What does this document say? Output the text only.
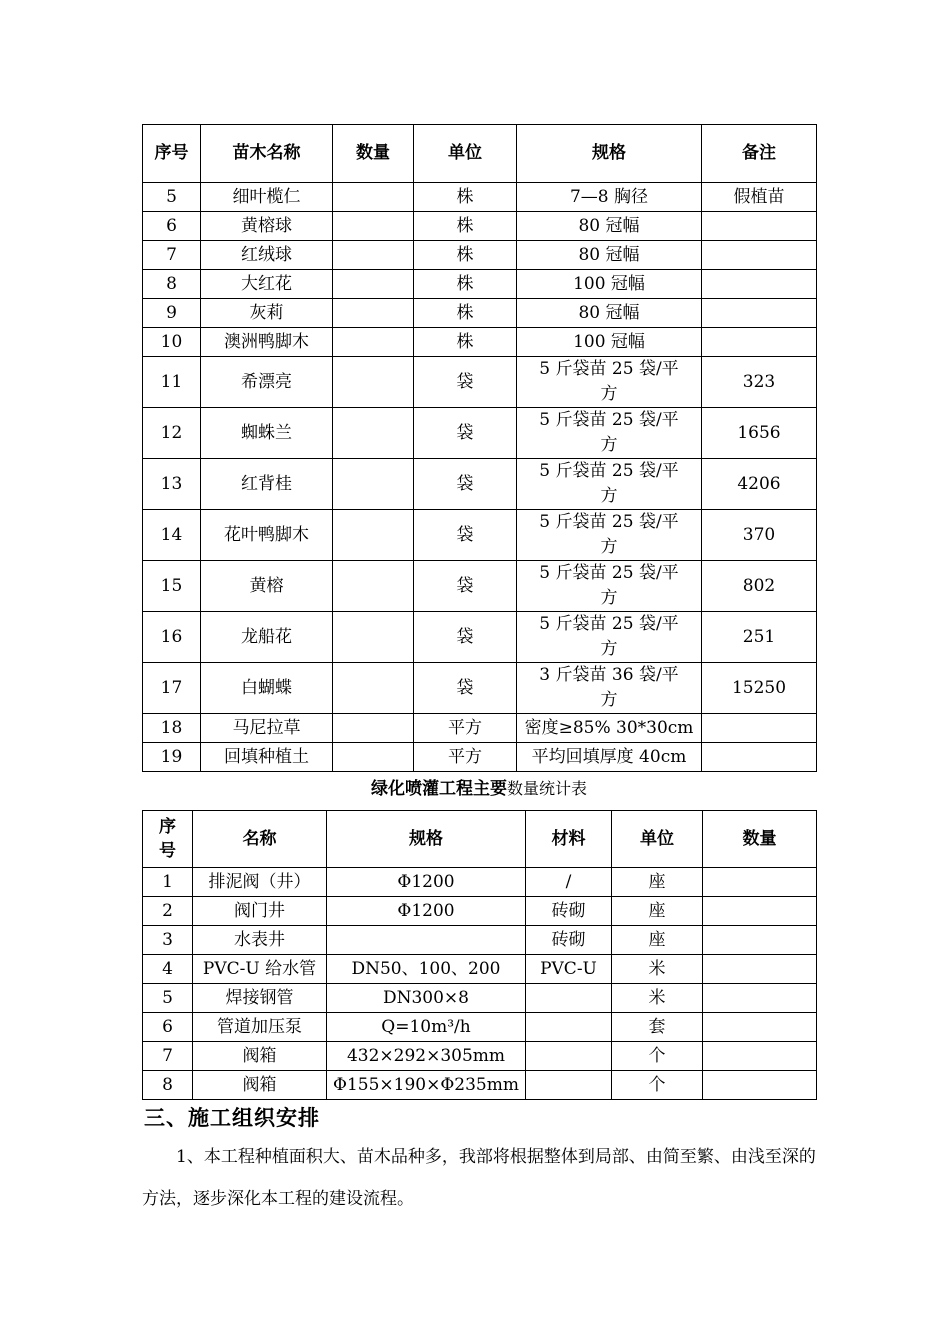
序号	苗木名称	数量	单位	规格	备注
5	细叶榄仁		株	7—8 胸径	假植苗
6	黄榕球		株	80 冠幅	
7	红绒球		株	80 冠幅	
8	大红花		株	100 冠幅	
9	灰莉		株	80 冠幅	
10	澳洲鸭脚木		株	100 冠幅	
11	希漂亮		袋	5 斤袋苗 25 袋/平方	323
12	蜘蛛兰		袋	5 斤袋苗 25 袋/平方	1656
13	红背桂		袋	5 斤袋苗 25 袋/平方	4206
14	花叶鸭脚木		袋	5 斤袋苗 25 袋/平方	370
15	黄榕		袋	5 斤袋苗 25 袋/平方	802
16	龙船花		袋	5 斤袋苗 25 袋/平方	251
17	白蝴蝶		袋	3 斤袋苗 36 袋/平方	15250
18	马尼拉草		平方	密度≥85% 30*30cm	
19	回填种植土		平方	平均回填厚度 40cm	
绿化喷灌工程主要数量统计表
序号	名称	规格	材料	单位	数量
1	排泥阀（井）	Φ1200	/	座	
2	阀门井	Φ1200	砖砌	座	
3	水表井		砖砌	座	
4	PVC-U 给水管	DN50、100、200	PVC-U	米	
5	焊接钢管	DN300×8		米	
6	管道加压泵	Q=10m³/h		套	
7	阀箱	432×292×305mm		个	
8	阀箱	Φ155×190×Φ235mm		个	
三、施工组织安排
1、本工程种植面积大、苗木品种多，我部将根据整体到局部、由简至繁、由浅至深的方法，逐步深化本工程的建设流程。
